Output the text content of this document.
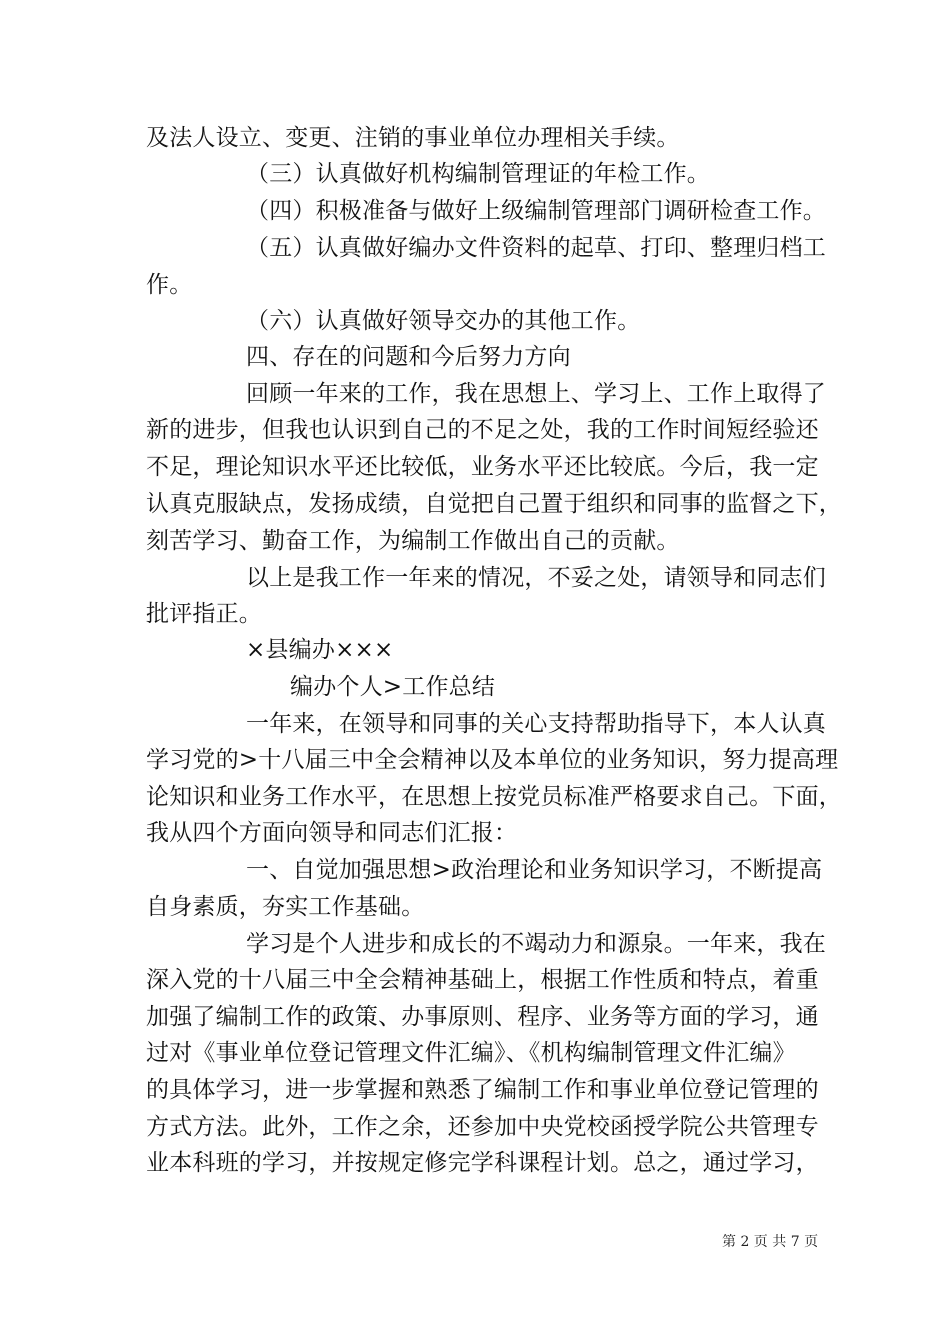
及法人设立、变更、注销的事业单位办理相关手续。
（三）认真做好机构编制管理证的年检工作。
（四）积极准备与做好上级编制管理部门调研检查工作。
（五）认真做好编办文件资料的起草、打印、整理归档工
作。
（六）认真做好领导交办的其他工作。
四、存在的问题和今后努力方向
回顾一年来的工作，我在思想上、学习上、工作上取得了
新的进步，但我也认识到自己的不足之处，我的工作时间短经验还
不足，理论知识水平还比较低，业务水平还比较底。今后，我一定
认真克服缺点，发扬成绩，自觉把自己置于组织和同事的监督之下，
刻苦学习、勤奋工作，为编制工作做出自己的贡献。
以上是我工作一年来的情况，不妥之处，请领导和同志们
批评指正。
×县编办×××
编办个人>工作总结
一年来，在领导和同事的关心支持帮助指导下，本人认真
学习党的>十八届三中全会精神以及本单位的业务知识，努力提高理
论知识和业务工作水平，在思想上按党员标准严格要求自己。下面，
我从四个方面向领导和同志们汇报：
一、自觉加强思想>政治理论和业务知识学习，不断提高
自身素质，夯实工作基础。
学习是个人进步和成长的不竭动力和源泉。一年来，我在
深入党的十八届三中全会精神基础上，根据工作性质和特点，着重
加强了编制工作的政策、办事原则、程序、业务等方面的学习，通
过对《事业单位登记管理文件汇编》、《机构编制管理文件汇编》
的具体学习，进一步掌握和熟悉了编制工作和事业单位登记管理的
方式方法。此外，工作之余，还参加中央党校函授学院公共管理专
业本科班的学习，并按规定修完学科课程计划。总之，通过学习，
第 2 页 共 7 页
